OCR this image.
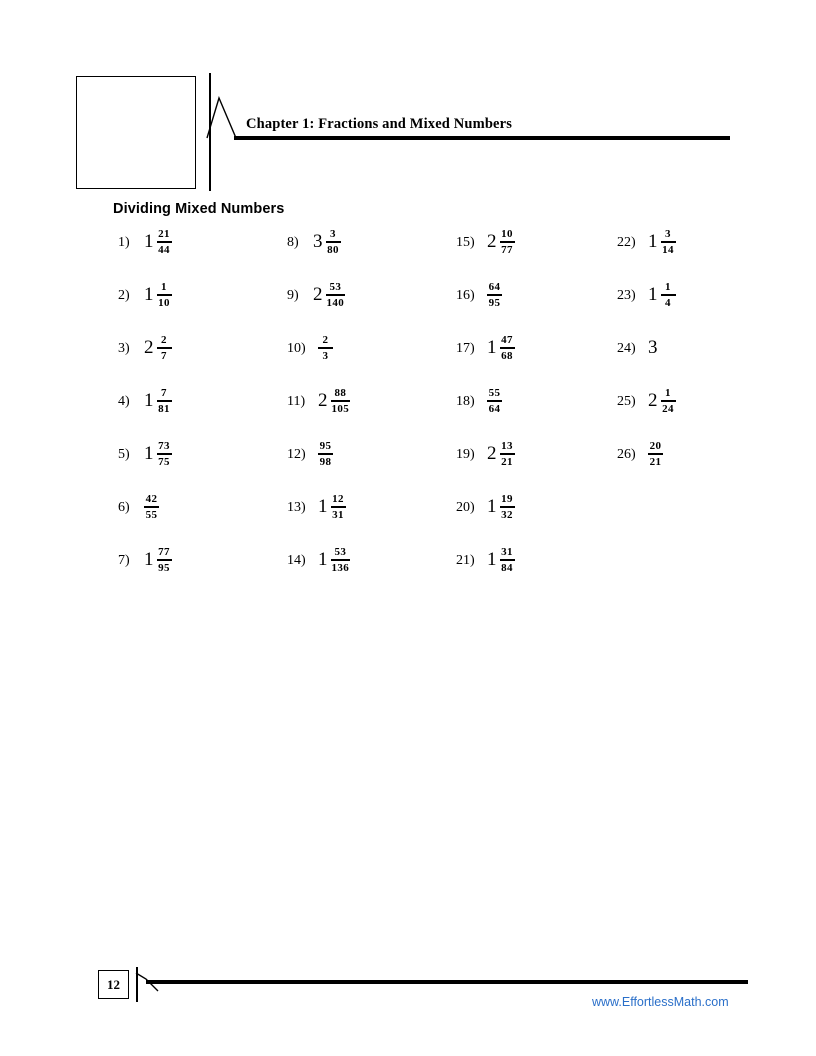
Chapter 1: Fractions and Mixed Numbers
Dividing Mixed Numbers
1) $1 \frac{21}{44}$
2) $1 \frac{1}{10}$
3) $2 \frac{2}{7}$
4) $1 \frac{7}{81}$
5) $1 \frac{73}{75}$
6)	$\frac{42}{55}$
7) $1 \frac{77}{95}$
8) $3 \frac{3}{80}$
9) $2 \frac{53}{140}$
10)	$\frac{2}{3}$
11) $2 \frac{88}{105}$
12)	$\frac{95}{98}$
13) $1 \frac{12}{31}$
14) $1 \frac{53}{136}$
15) $2 \frac{10}{77}$
16)	$\frac{64}{95}$
17) $1 \frac{47}{68}$
18)	$\frac{55}{64}$
19) $2 \frac{13}{21}$
20) $1 \frac{19}{32}$
21) $1 \frac{31}{84}$
22) $1 \frac{3}{14}$
23) $1 \frac{1}{4}$
24) 3
25) $2 \frac{1}{24}$
26)	$\frac{20}{21}$
12
www.EffortlessMath.com
